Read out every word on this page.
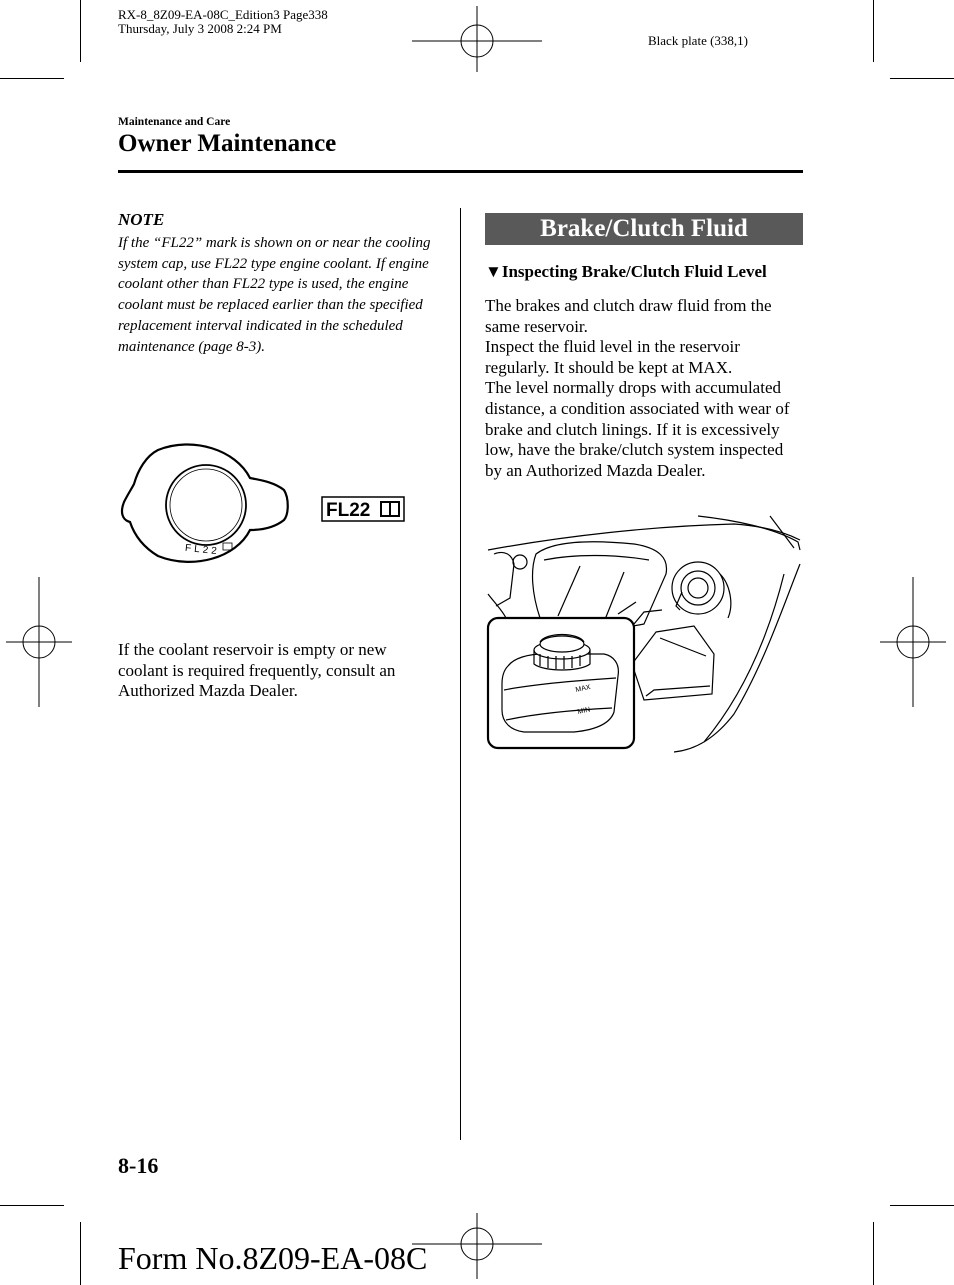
RX-8_8Z09-EA-08C_Edition3 Page338
Thursday, July 3 2008 2:24 PM
Black plate (338,1)
Maintenance and Care
Owner Maintenance
NOTE
If the “FL22” mark is shown on or near the cooling system cap, use FL22 type engine coolant. If engine coolant other than FL22 type is used, the engine coolant must be replaced earlier than the specified replacement interval indicated in the scheduled maintenance (page 8-3).
FL22
FL22
If the coolant reservoir is empty or new coolant is required frequently, consult an Authorized Mazda Dealer.
Brake/Clutch Fluid
▼Inspecting Brake/Clutch Fluid Level
The brakes and clutch draw fluid from the same reservoir.
Inspect the fluid level in the reservoir regularly. It should be kept at MAX.
The level normally drops with accumulated distance, a condition associated with wear of brake and clutch linings. If it is excessively low, have the brake/clutch system inspected by an Authorized Mazda Dealer.
MAX
MIN
8-16
Form No.8Z09-EA-08C
